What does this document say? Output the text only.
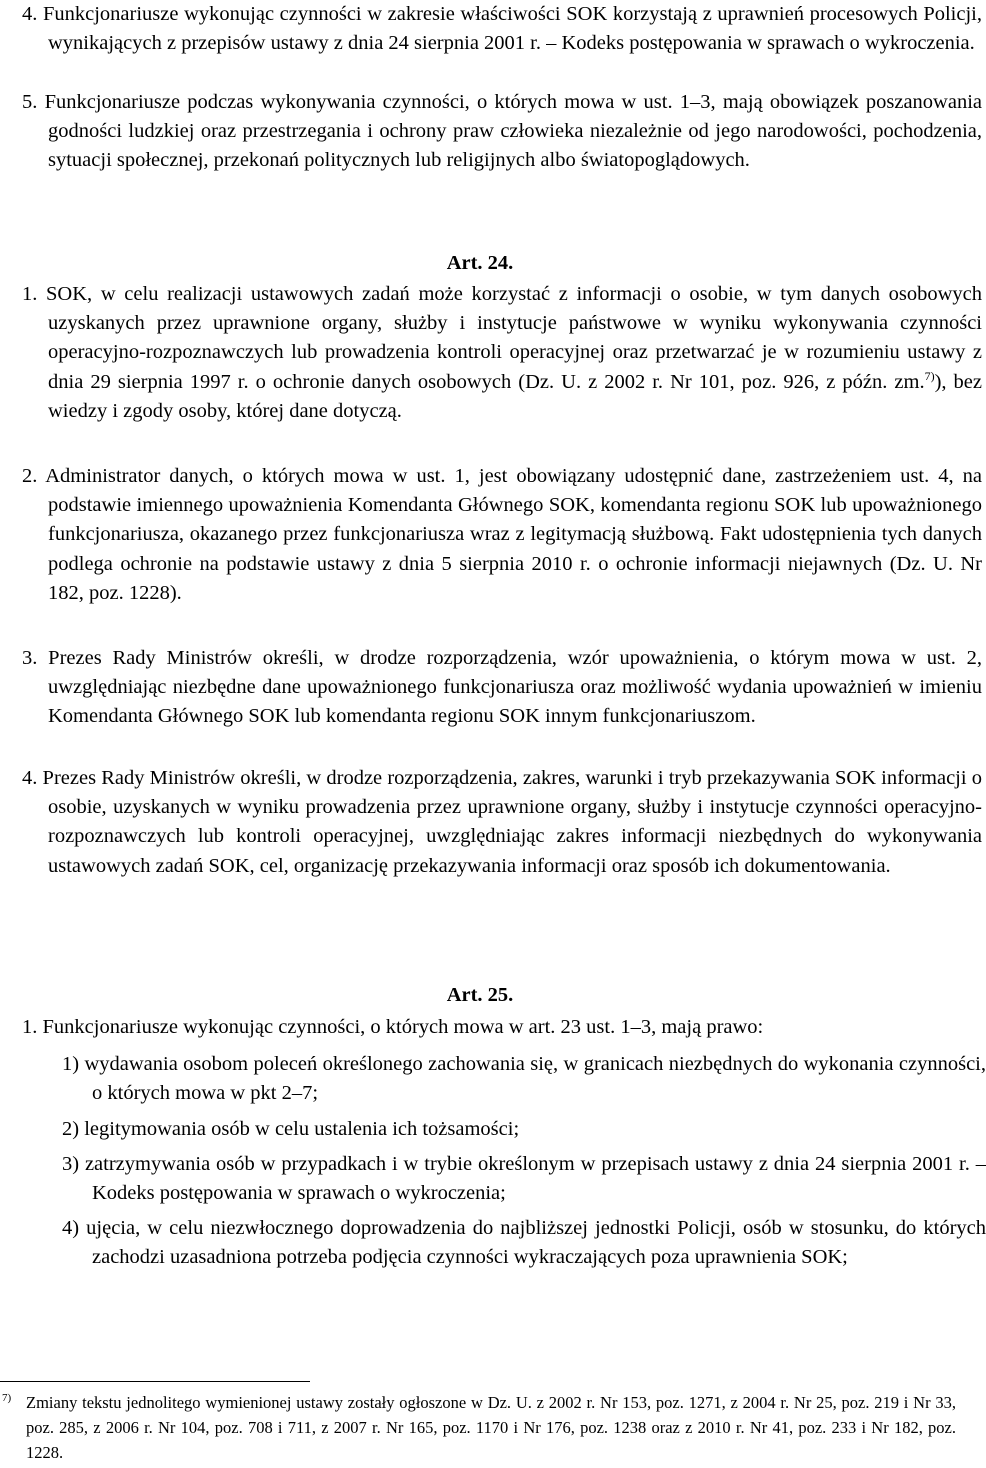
4. Funkcjonariusze wykonując czynności w zakresie właściwości SOK korzystają z uprawnień procesowych Policji, wynikających z przepisów ustawy z dnia 24 sierpnia 2001 r. – Kodeks postępowania w sprawach o wykroczenia.
5. Funkcjonariusze podczas wykonywania czynności, o których mowa w ust. 1–3, mają obowiązek poszanowania godności ludzkiej oraz przestrzegania i ochrony praw człowieka niezależnie od jego narodowości, pochodzenia, sytuacji społecznej, przekonań politycznych lub religijnych albo światopoglądowych.
Art. 24.
1. SOK, w celu realizacji ustawowych zadań może korzystać z informacji o osobie, w tym danych osobowych uzyskanych przez uprawnione organy, służby i instytucje państwowe w wyniku wykonywania czynności operacyjno-rozpoznawczych lub prowadzenia kontroli operacyjnej oraz przetwarzać je w rozumieniu ustawy z dnia 29 sierpnia 1997 r. o ochronie danych osobowych (Dz. U. z 2002 r. Nr 101, poz. 926, z późn. zm.$^{7)}$), bez wiedzy i zgody osoby, której dane dotyczą.
2. Administrator danych, o których mowa w ust. 1, jest obowiązany udostępnić dane, zastrzeżeniem ust. 4, na podstawie imiennego upoważnienia Komendanta Głównego SOK, komendanta regionu SOK lub upoważnionego funkcjonariusza, okazanego przez funkcjonariusza wraz z legitymacją służbową. Fakt udostępnienia tych danych podlega ochronie na podstawie ustawy z dnia 5 sierpnia 2010 r. o ochronie informacji niejawnych (Dz. U. Nr 182, poz. 1228).
3. Prezes Rady Ministrów określi, w drodze rozporządzenia, wzór upoważnienia, o którym mowa w ust. 2, uwzględniając niezbędne dane upoważnionego funkcjonariusza oraz możliwość wydania upoważnień w imieniu Komendanta Głównego SOK lub komendanta regionu SOK innym funkcjonariuszom.
4. Prezes Rady Ministrów określi, w drodze rozporządzenia, zakres, warunki i tryb przekazywania SOK informacji o osobie, uzyskanych w wyniku prowadzenia przez uprawnione organy, służby i instytucje czynności operacyjno-rozpoznawczych lub kontroli operacyjnej, uwzględniając zakres informacji niezbędnych do wykonywania ustawowych zadań SOK, cel, organizację przekazywania informacji oraz sposób ich dokumentowania.
Art. 25.
1. Funkcjonariusze wykonując czynności, o których mowa w art. 23 ust. 1–3, mają prawo:
1) wydawania osobom poleceń określonego zachowania się, w granicach niezbędnych do wykonania czynności, o których mowa w pkt 2–7;
2) legitymowania osób w celu ustalenia ich tożsamości;
3) zatrzymywania osób w przypadkach i w trybie określonym w przepisach ustawy z dnia 24 sierpnia 2001 r. – Kodeks postępowania w sprawach o wykroczenia;
4) ujęcia, w celu niezwłocznego doprowadzenia do najbliższej jednostki Policji, osób w stosunku, do których zachodzi uzasadniona potrzeba podjęcia czynności wykraczających poza uprawnienia SOK;
7) Zmiany tekstu jednolitego wymienionej ustawy zostały ogłoszone w Dz. U. z 2002 r. Nr 153, poz. 1271, z 2004 r. Nr 25, poz. 219 i Nr 33, poz. 285, z 2006 r. Nr 104, poz. 708 i 711, z 2007 r. Nr 165, poz. 1170 i Nr 176, poz. 1238 oraz z 2010 r. Nr 41, poz. 233 i Nr 182, poz. 1228.
